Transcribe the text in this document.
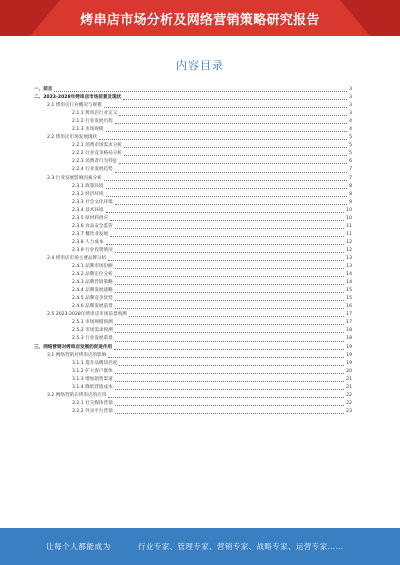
烤串店市场分析及网络营销策略研究报告
内容目录
一、前言	3
二、2023-2028年烤串店市场前景及现状	3
2.1 烤串店行业概况与规模	3
2.1.1 烤串店行业定义	3
2.1.2 行业发展历程	4
2.1.3 市场规模	4
2.2 烤串店市场发展现状	5
2.2.1 消费市场需求分析	5
2.2.2 行业竞争格局分析	5
2.2.3 消费者行为特征	6
2.2.4 行业发展趋势	7
2.3 行业发展影响因素分析	7
2.3.1 政策环境	8
2.3.2 经济环境	8
2.3.3 社会文化环境	9
2.3.4 技术环境	10
2.3.5 原材料供应	10
2.3.6 食品安全监管	11
2.3.7 餐饮业发展	11
2.3.8 人力成本	12
2.3.9 行业投资情况	12
2.4 烤串店市场主要品牌分析	13
2.4.1 品牌市场份额	13
2.4.2 品牌定位分析	14
2.4.3 品牌营销策略	14
2.4.4 品牌发展战略	15
2.4.5 品牌竞争优势	15
2.4.6 品牌发展前景	16
2.5 2023-2028年烤串店市场前景预测	17
2.5.1 市场规模预测	17
2.5.2 市场需求预测	18
2.5.3 行业发展前景	18
三、网络营销对烤串店发展的促进作用	19
3.1 网络营销对烤串店的影响	19
3.1.1 提升品牌知名度	19
3.1.2 扩大客户群体	20
3.1.3 增加销售渠道	21
3.1.4 降低营销成本	21
3.2 网络营销在烤串店的应用	22
3.2.1 社交媒体营销	22
3.2.2 外卖平台营销	23
让每个人都能成为	行业专家、管理专家、营销专家、战略专家、运营专家……
